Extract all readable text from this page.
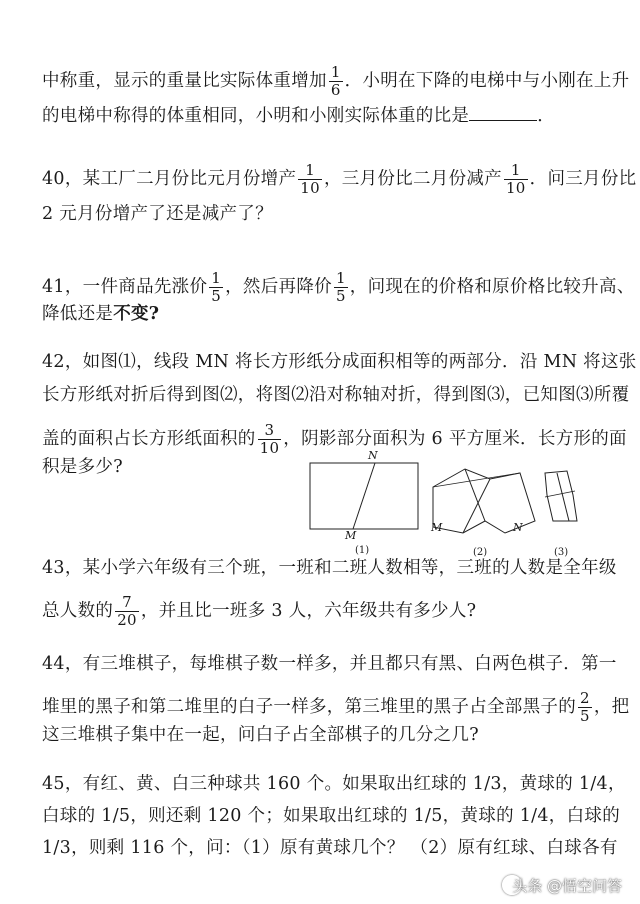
中称重，显示的重量比实际体重增加 $\frac{1}{6}$ ．小明在下降的电梯中与小刚在上升
的电梯中称得的体重相同，小明和小刚实际体重的比是	．
40，某工厂二月份比元月份增产 $\frac{1}{10}$ ，三月份比二月份减产 $\frac{1}{10}$ ．问三月份比
2 元月份增产了还是减产了？
41，一件商品先涨价 $\frac{1}{5}$ ，然后再降价 $\frac{1}{5}$ ，问现在的价格和原价格比较升高、
降低还是不变?
42，如图⑴，线段 MN 将长方形纸分成面积相等的两部分．沿 MN 将这张
长方形纸对折后得到图⑵，将图⑵沿对称轴对折，得到图⑶，已知图⑶所覆
盖的面积占长方形纸面积的 $\frac{3}{10}$ ，阴影部分面积为 6 平方厘米．长方形的面
积是多少?
N
M
M	N
(1)	(2)	(3)
43，某小学六年级有三个班，一班和二班人数相等，三班的人数是全年级
总人数的 $\frac{7}{20}$ ，并且比一班多 3 人，六年级共有多少人?
44，有三堆棋子，每堆棋子数一样多，并且都只有黑、白两色棋子．第一
堆里的黑子和第二堆里的白子一样多，第三堆里的黑子占全部黑子的 $\frac{2}{5}$ ，把
这三堆棋子集中在一起，问白子占全部棋子的几分之几?
45，有红、黄、白三种球共 160 个。如果取出红球的 1/3，黄球的 1/4，
白球的 1/5，则还剩 120 个；如果取出红球的 1/5，黄球的 1/4，白球的
1/3，则剩 116 个，问：（1）原有黄球几个？ （2）原有红球、白球各有
头条 @悟空问答
